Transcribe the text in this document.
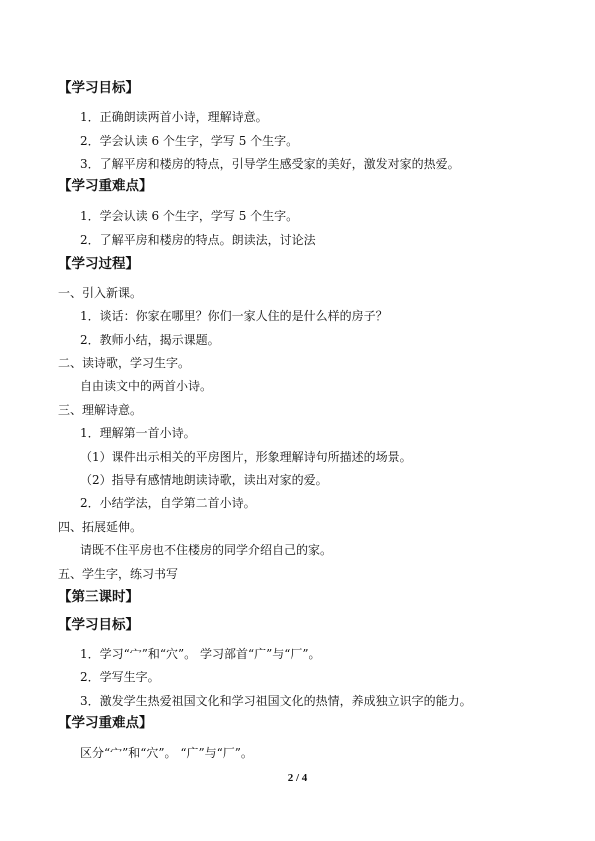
【学习目标】
1．正确朗读两首小诗，理解诗意。
2．学会认读 6 个生字，学写 5 个生字。
3．了解平房和楼房的特点，引导学生感受家的美好，激发对家的热爱。
【学习重难点】
1．学会认读 6 个生字，学写 5 个生字。
2．了解平房和楼房的特点。朗读法，讨论法
【学习过程】
一、引入新课。
1．谈话：你家在哪里？你们一家人住的是什么样的房子？
2．教师小结，揭示课题。
二、读诗歌，学习生字。
自由读文中的两首小诗。
三、理解诗意。
1．理解第一首小诗。
（1）课件出示相关的平房图片，形象理解诗句所描述的场景。
（2）指导有感情地朗读诗歌，读出对家的爱。
2．小结学法，自学第二首小诗。
四、拓展延伸。
请既不住平房也不住楼房的同学介绍自己的家。
五、学生字，练习书写
【第三课时】
【学习目标】
1．学习“宀”和“穴”。 学习部首“广”与“厂”。
2．学写生字。
3．激发学生热爱祖国文化和学习祖国文化的热情，养成独立识字的能力。
【学习重难点】
区分“宀”和“穴”。 “广”与“厂”。
2 / 4
